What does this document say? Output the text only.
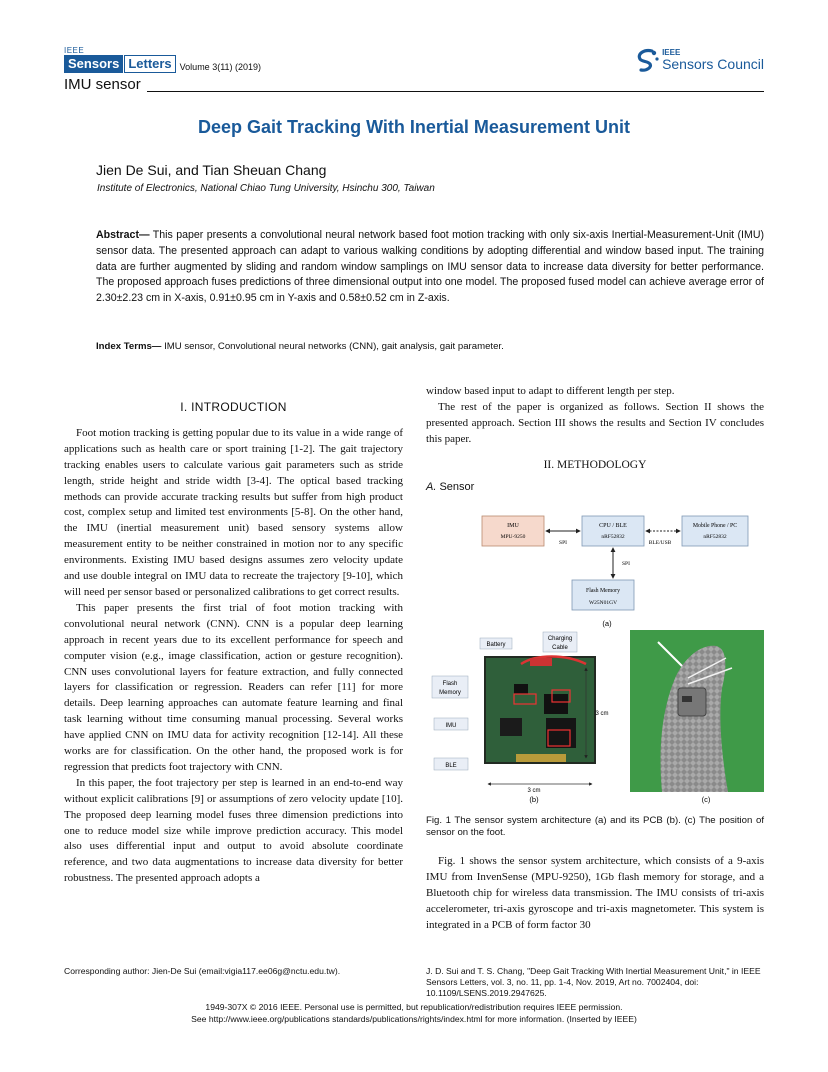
IEEE
Sensors Letters Volume 3(11) (2019)
IMU sensor
IEEE
Sensors Council
Deep Gait Tracking With Inertial Measurement Unit
Jien De Sui, and Tian Sheuan Chang
Institute of Electronics, National Chiao Tung University, Hsinchu 300, Taiwan
Abstract— This paper presents a convolutional neural network based foot motion tracking with only six-axis Inertial-Measurement-Unit (IMU) sensor data. The presented approach can adapt to various walking conditions by adopting differential and window based input. The training data are further augmented by sliding and random window samplings on IMU sensor data to increase data diversity for better performance. The proposed approach fuses predictions of three dimensional output into one model. The proposed fused model can achieve average error of 2.30±2.23 cm in X-axis, 0.91±0.95 cm in Y-axis and 0.58±0.52 cm in Z-axis.
Index Terms— IMU sensor, Convolutional neural networks (CNN), gait analysis, gait parameter.
I. INTRODUCTION

Foot motion tracking is getting popular due to its value in a wide range of applications such as health care or sport training [1-2]. The gait trajectory tracking enables users to calculate various gait parameters such as stride length, stride height and stride width [3-4]. The optical based tracking methods can provide accurate tracking results but suffer from high product cost, complex setup and limited test environments [5-8]. On the other hand, the IMU (inertial measurement unit) based sensory systems allow measurement entity to be neither constrained in motion nor to any specific environments. Existing IMU based designs assumes zero velocity update and use double integral on IMU data to recreate the trajectory [9-10], which will need per sensor based or personalized calibrations to get correct results.

This paper presents the first trial of foot motion tracking with convolutional neural network (CNN). CNN is a popular deep learning approach in recent years due to its excellent performance for speech and computer vision (e.g., image classification, action or gesture recognition). CNN uses convolutional layers for feature extraction, and fully connected layers for classification or regression. Readers can refer [11] for more details. Deep learning approaches can automate feature learning and final task learning without time consuming manual processing. Several works have applied CNN on IMU data for activity recognition [12-14]. All these works are for classification. On the other hand, the proposed work is for regression that predicts foot trajectory with CNN.

In this paper, the foot trajectory per step is learned in an end-to-end way without explicit calibrations [9] or assumptions of zero velocity update [10]. The proposed deep learning model fuses three dimension predictions into one to reduce model size while improve prediction accuracy. This model also uses differential input and output to avoid absolute coordinate reference, and two data augmentations to increase data diversity for better robustness. The presented approach adopts a

window based input to adapt to different length per step.

The rest of the paper is organized as follows. Section II shows the presented approach. Section III shows the results and Section IV concludes this paper.

II. METHODOLOGY
A. Sensor
IMU
MPU-9250
CPU / BLE
nRF52832
Mobile Phone / PC
nRF52832
SPI	BLE/USB
SPI
Flash Memory
W25N01GV
(a)
Battery
Charging
Cable
Flash
Memory
IMU
BLE
3 cm
3 cm
(b)	(c)
Fig. 1 The sensor system architecture (a) and its PCB (b). (c) The position of sensor on the foot.

Fig. 1 shows the sensor system architecture, which consists of a 9-axis IMU from InvenSense (MPU-9250), 1Gb flash memory for storage, and a Bluetooth chip for wireless data transmission. The IMU consists of tri-axis accelerometer, tri-axis gyroscope and tri-axis magnetometer. This system is integrated in a PCB of form factor 30

Corresponding author: Jien-De Sui (email:vigia117.ee06g@nctu.edu.tw).	J. D. Sui and T. S. Chang, "Deep Gait Tracking With Inertial Measurement Unit," in IEEE Sensors Letters, vol. 3, no. 11, pp. 1-4, Nov. 2019, Art no. 7002404, doi: 10.1109/LSENS.2019.2947625.
1949-307X © 2016 IEEE. Personal use is permitted, but republication/redistribution requires IEEE permission.
See http://www.ieee.org/publications standards/publications/rights/index.html for more information. (Inserted by IEEE)
